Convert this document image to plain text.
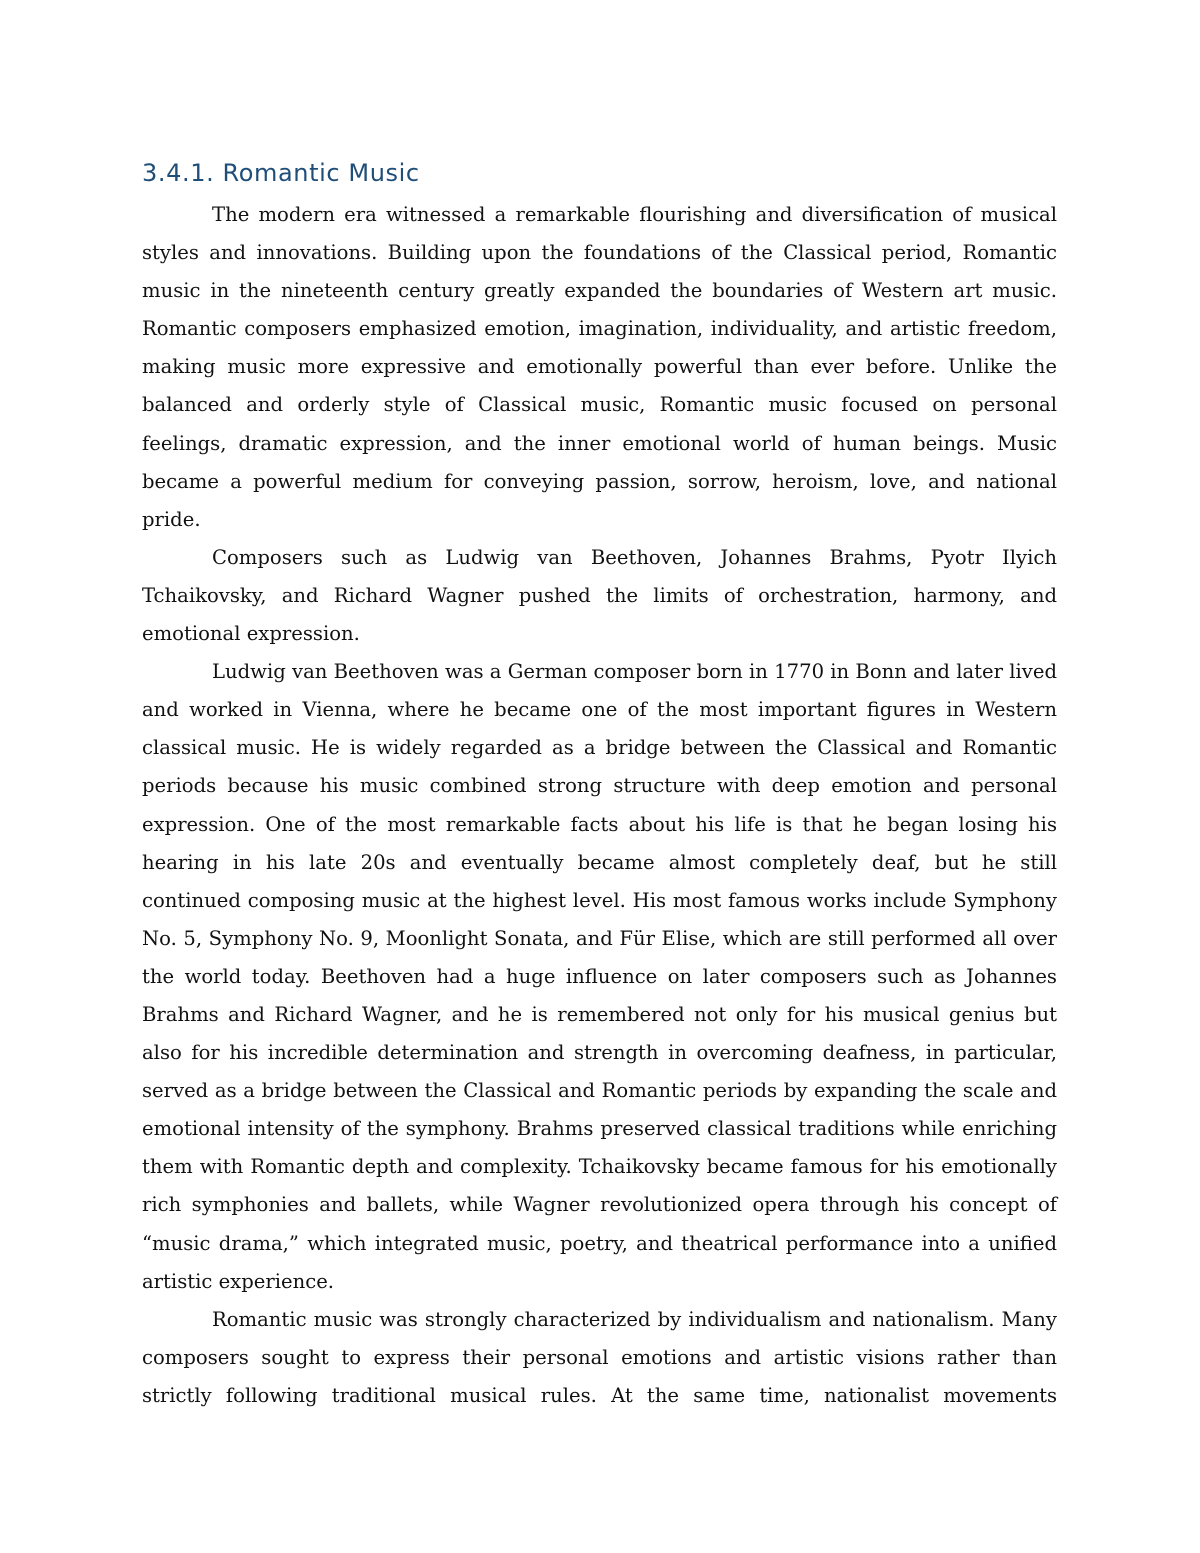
3.4.1. Romantic Music

The modern era witnessed a remarkable flourishing and diversification of musical styles and innovations. Building upon the foundations of the Classical period, Romantic music in the nineteenth century greatly expanded the boundaries of Western art music. Romantic composers emphasized emotion, imagination, individuality, and artistic freedom, making music more expressive and emotionally powerful than ever before. Unlike the balanced and orderly style of Classical music, Romantic music focused on personal feelings, dramatic expression, and the inner emotional world of human beings. Music became a powerful medium for conveying passion, sorrow, heroism, love, and national pride.

Composers such as Ludwig van Beethoven, Johannes Brahms, Pyotr Ilyich Tchaikovsky, and Richard Wagner pushed the limits of orchestration, harmony, and emotional expression.

Ludwig van Beethoven was a German composer born in 1770 in Bonn and later lived and worked in Vienna, where he became one of the most important figures in Western classical music. He is widely regarded as a bridge between the Classical and Romantic periods because his music combined strong structure with deep emotion and personal expression. One of the most remarkable facts about his life is that he began losing his hearing in his late 20s and eventually became almost completely deaf, but he still continued composing music at the highest level. His most famous works include Symphony No. 5, Symphony No. 9, Moonlight Sonata, and Für Elise, which are still performed all over the world today. Beethoven had a huge influence on later composers such as Johannes Brahms and Richard Wagner, and he is remembered not only for his musical genius but also for his incredible determination and strength in overcoming deafness, in particular, served as a bridge between the Classical and Romantic periods by expanding the scale and emotional intensity of the symphony. Brahms preserved classical traditions while enriching them with Romantic depth and complexity. Tchaikovsky became famous for his emotionally rich symphonies and ballets, while Wagner revolutionized opera through his concept of “music drama,” which integrated music, poetry, and theatrical performance into a unified artistic experience.

Romantic music was strongly characterized by individualism and nationalism. Many composers sought to express their personal emotions and artistic visions rather than strictly following traditional musical rules. At the same time, nationalist movements
